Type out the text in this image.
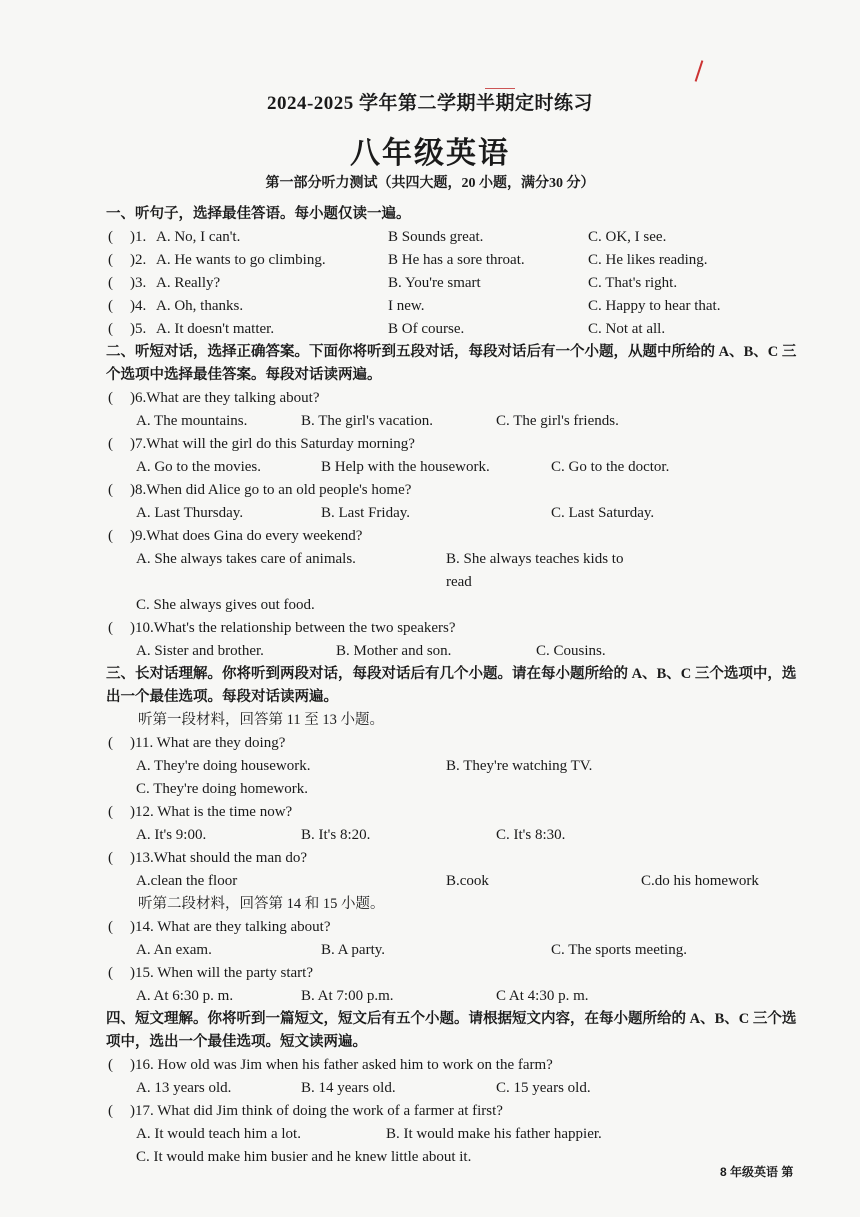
2024-2025 学年第二学期半期定时练习
八年级英语
第一部分听力测试（共四大题，20 小题，满分30 分）
一、听句子，选择最佳答语。每小题仅读一遍。
(	)1. A. No, I can't.	B Sounds great.	C. OK, I see.
(	)2. A. He wants to go climbing.	B He has a sore throat.	C. He likes reading.
(	)3. A. Really?	B. You're smart	C. That's right.
(	)4. A. Oh, thanks.	I new.	C. Happy to hear that.
(	)5. A. It doesn't matter.	B Of course.	C. Not at all.
二、听短对话，选择正确答案。下面你将听到五段对话，每段对话后有一个小题，从题中所给的 A、B、C 三
个选项中选择最佳答案。每段对话读两遍。
(	)6.What are they talking about?
A. The mountains.	B. The girl's vacation.	C. The girl's friends.
(	)7.What will the girl do this Saturday morning?
A. Go to the movies.	B Help with the housework.	C. Go to the doctor.
(	)8.When did Alice go to an old people's home?
A. Last Thursday.	B. Last Friday.	C. Last Saturday.
(	)9.What does Gina do every weekend?
A. She always takes care of animals.	B. She always teaches kids to read
C. She always gives out food.
(	)10.What's the relationship between the two speakers?
A. Sister and brother.	B. Mother and son.	C. Cousins.
三、长对话理解。你将听到两段对话，每段对话后有几个小题。请在每小题所给的 A、B、C 三个选项中，选
出一个最佳选项。每段对话读两遍。
听第一段材料，回答第 11 至 13 小题。
(	)11. What are they doing?
A. They're doing housework.	B. They're watching TV.
C. They're doing homework.
(	)12. What is the time now?
A. It's 9:00.	B. It's 8:20.	C. It's 8:30.
(	)13.What should the man do?
A.clean the floor	B.cook	C.do his homework
听第二段材料，回答第 14 和 15 小题。
(	)14. What are they talking about?
A. An exam.	B. A party.	C. The sports meeting.
(	)15. When will the party start?
A. At 6:30 p. m.	B. At 7:00 p.m.	C At 4:30 p. m.
四、短文理解。你将听到一篇短文，短文后有五个小题。请根据短文内容，在每小题所给的 A、B、C 三个选
项中，选出一个最佳选项。短文读两遍。
(	)16. How old was Jim when his father asked him to work on the farm?
A. 13 years old.	B. 14 years old.	C. 15 years old.
(	)17. What did Jim think of doing the work of a farmer at first?
A. It would teach him a lot.	B. It would make his father happier.
C. It would make him busier and he knew little about it.
8 年级英语 第
